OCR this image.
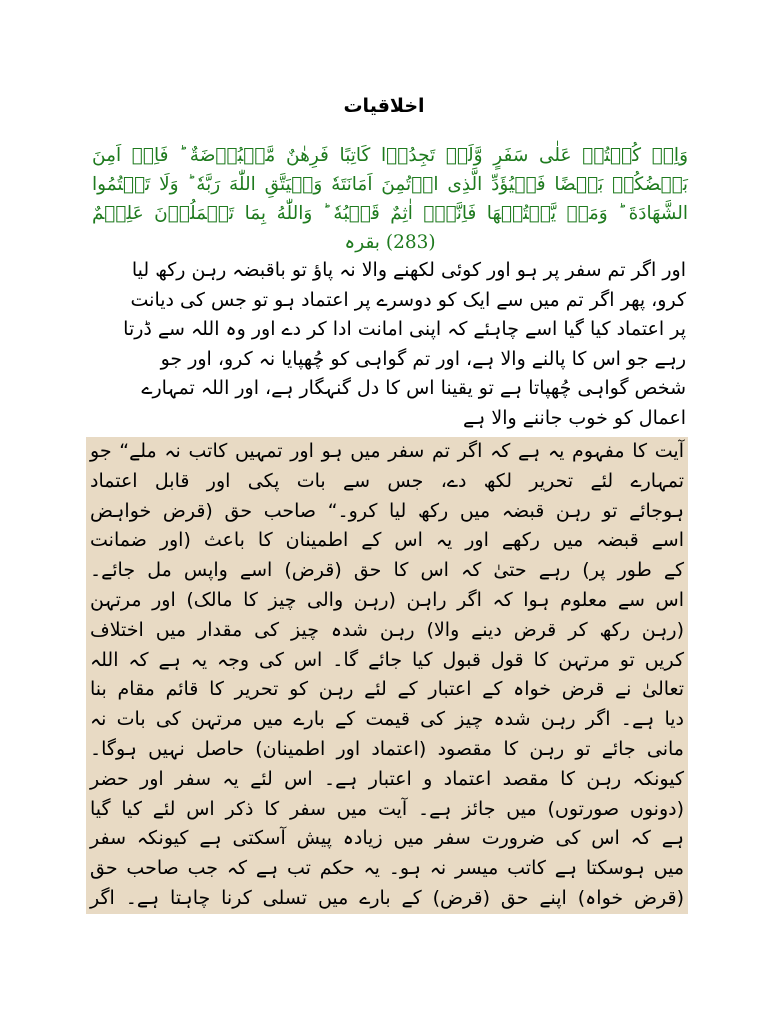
اخلاقیات
وَاِنۡ كُنۡتُمۡ عَلٰى سَفَرٍ وَّلَمۡ تَجِدُوۡا كَاتِبًا فَرِهٰنٌ مَّقۡبُوۡضَةٌ ؕ فَاِنۡ اَمِنَ بَعۡضُكُمۡ بَعۡضًا فَلۡيُؤَدِّ الَّذِى اؤۡتُمِنَ اَمَانَتَهٗ وَلۡيَتَّقِ اللّٰهَ رَبَّهٗ ؕ وَلَا تَكۡتُمُوا الشَّهَادَةَ ؕ وَمَنۡ يَّكۡتُمۡهَا فَاِنَّهٗۤ اٰثِمٌ قَلۡبُهٗ ؕ وَاللّٰهُ بِمَا تَعۡمَلُوۡنَ عَلِيۡمٌ (283) بقرہ
اور اگر تم سفر پر ہو اور کوئی لکھنے والا نہ پاؤ تو باقبضہ رہن رکھ لیا
کرو، پھر اگر تم میں سے ایک کو دوسرے پر اعتماد ہو تو جس کی دیانت
پر اعتماد کیا گیا اسے چاہئے کہ اپنی امانت ادا کر دے اور وہ اللہ سے ڈرتا
رہے جو اس کا پالنے والا ہے، اور تم گواہی کو چُھپایا نہ کرو، اور جو
شخص گواہی چُھپاتا ہے تو یقینا اس کا دل گنہگار ہے، اور اللہ تمہارے
اعمال کو خوب جاننے والا ہے
آیت کا مفہوم یہ ہے کہ اگر تم سفر میں ہو اور تمہیں کاتب نہ ملے“ جو
تمہارے لئے تحریر لکھ دے، جس سے بات پکی اور قابل اعتماد
ہوجائے تو رہن قبضہ میں رکھ لیا کرو۔“ صاحب حق (قرض خواہض
اسے قبضہ میں رکھے اور یہ اس کے اطمینان کا باعث (اور ضمانت
کے طور پر) رہے حتیٰ کہ اس کا حق (قرض) اسے واپس مل جائے۔
اس سے معلوم ہوا کہ اگر راہن (رہن والی چیز کا مالک) اور مرتہن
(رہن رکھ کر قرض دینے والا) رہن شدہ چیز کی مقدار میں اختلاف
کریں تو مرتہن کا قول قبول کیا جائے گا۔ اس کی وجہ یہ ہے کہ اللہ
تعالیٰ نے قرض خواہ کے اعتبار کے لئے رہن کو تحریر کا قائم مقام بنا
دیا ہے۔ اگر رہن شدہ چیز کی قیمت کے بارے میں مرتہن کی بات نہ
مانی جائے تو رہن کا مقصود (اعتماد اور اطمینان) حاصل نہیں ہوگا۔
کیونکہ رہن کا مقصد اعتماد و اعتبار ہے۔ اس لئے یہ سفر اور حضر
(دونوں صورتوں) میں جائز ہے۔ آیت میں سفر کا ذکر اس لئے کیا گیا
ہے کہ اس کی ضرورت سفر میں زیادہ پیش آسکتی ہے کیونکہ سفر
میں ہوسکتا ہے کاتب میسر نہ ہو۔ یہ حکم تب ہے کہ جب صاحب حق
(قرض خواہ) اپنے حق (قرض) کے بارے میں تسلی کرنا چاہتا ہے۔ اگر
